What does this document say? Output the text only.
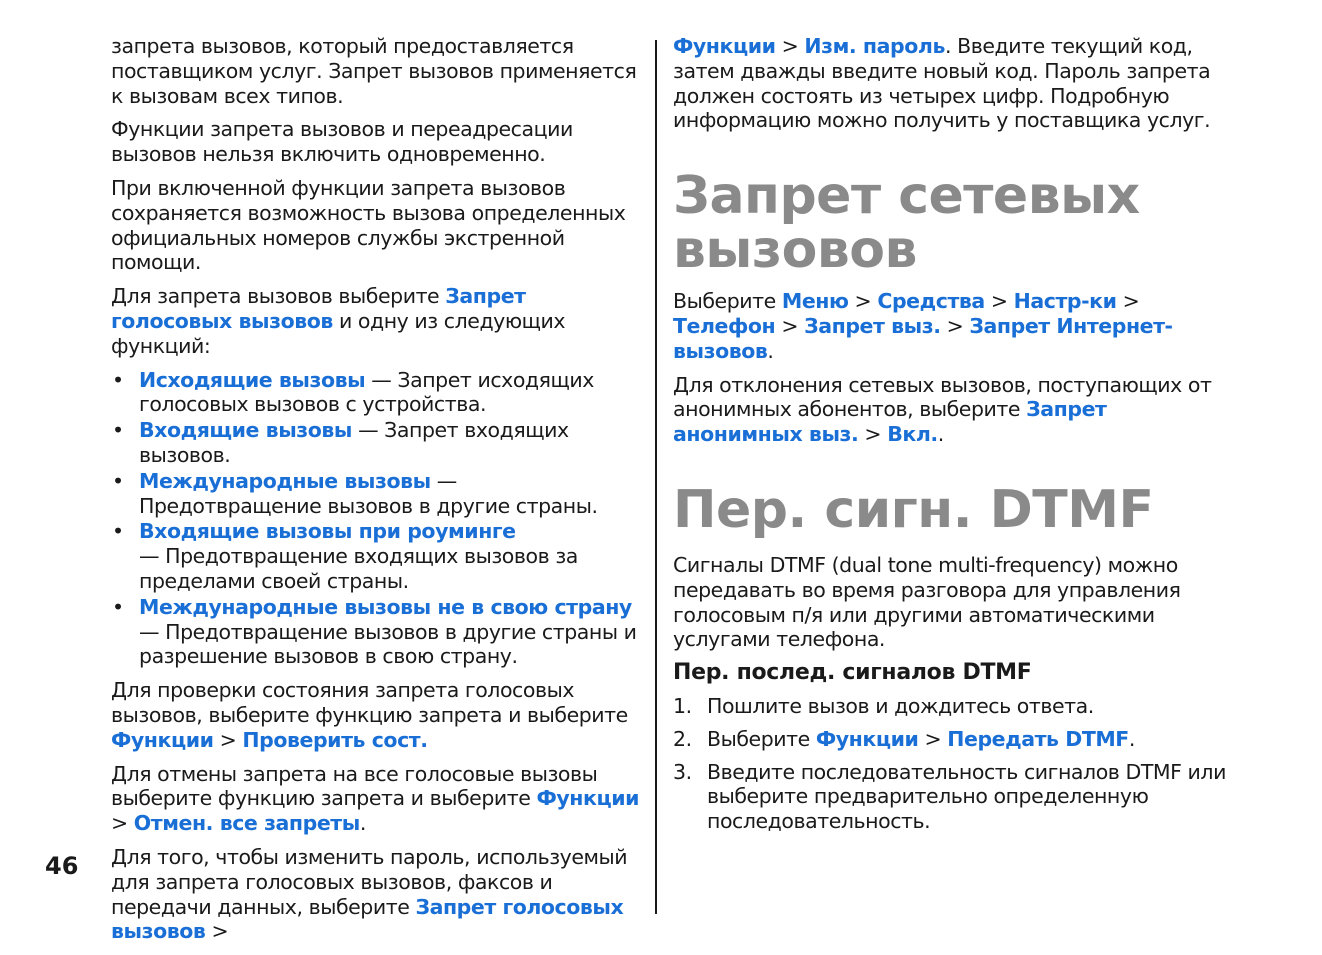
46

запрета вызовов, который предоставляется поставщиком услуг. Запрет вызовов применяется к вызовам всех типов.

Функции запрета вызовов и переадресации вызовов нельзя включить одновременно.

При включенной функции запрета вызовов сохраняется возможность вызова определенных официальных номеров службы экстренной помощи.

Для запрета вызовов выберите Запрет голосовых вызовов и одну из следующих функций:

• Исходящие вызовы — Запрет исходящих голосовых вызовов с устройства.
• Входящие вызовы — Запрет входящих вызовов.
• Международные вызовы — Предотвращение вызовов в другие страны.
• Входящие вызовы при роуминге
— Предотвращение входящих вызовов за пределами своей страны.
• Международные вызовы не в свою страну
— Предотвращение вызовов в другие страны и разрешение вызовов в свою страну.

Для проверки состояния запрета голосовых вызовов, выберите функцию запрета и выберите Функции > Проверить сост.

Для отмены запрета на все голосовые вызовы выберите функцию запрета и выберите Функции > Отмен. все запреты.

Для того, чтобы изменить пароль, используемый для запрета голосовых вызовов, факсов и передачи данных, выберите Запрет голосовых вызовов >

Функции > Изм. пароль. Введите текущий код, затем дважды введите новый код. Пароль запрета должен состоять из четырех цифр. Подробную информацию можно получить у поставщика услуг.

Запрет сетевых вызовов

Выберите Меню > Средства > Настр-ки > Телефон > Запрет выз. > Запрет Интернет-вызовов.

Для отклонения сетевых вызовов, поступающих от анонимных абонентов, выберите Запрет анонимных выз. > Вкл..

Пер. сигн. DTMF

Сигналы DTMF (dual tone multi-frequency) можно передавать во время разговора для управления голосовым п/я или другими автоматическими услугами телефона.

Пер. послед. сигналов DTMF
1. Пошлите вызов и дождитесь ответа.
2. Выберите Функции > Передать DTMF.
3. Введите последовательность сигналов DTMF или выберите предварительно определенную последовательность.
